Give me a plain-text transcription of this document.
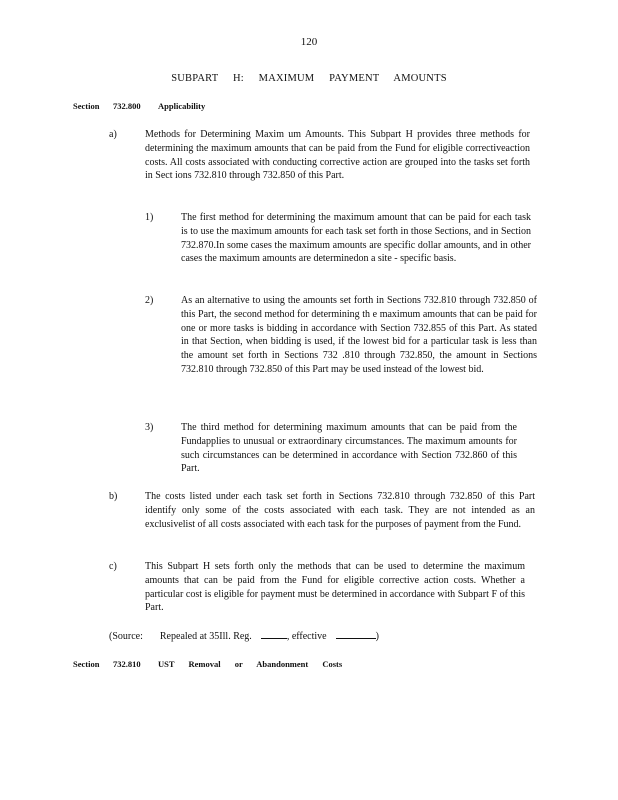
120
SUBPART H: MAXIMUM PAYMENT AMOUNTS
Section 732.800 Applicability
a)	Methods for Determining Maxim um Amounts. This Subpart H provides three methods for determining the maximum amounts that can be paid from the Fund for eligible correctiveaction costs. All costs associated with conducting corrective action are grouped into the tasks set forth in Sect ions 732.810 through 732.850 of this Part.
1)	The first method for determining the maximum amount that can be paid for each task is to use the maximum amounts for each task set forth in those Sections, and in Section 732.870.In some cases the maximum amounts are specific dollar amounts, and in other cases the maximum amounts are determinedon a site - specific basis.
2)	As an alternative to using the amounts set forth in Sections 732.810 through 732.850 of this Part, the second method for determining th e maximum amounts that can be paid for one or more tasks is bidding in accordance with Section 732.855 of this Part. As stated in that Section, when bidding is used, if the lowest bid for a particular task is less than the amount set forth in Sections 732 .810 through 732.850, the amount in Sections 732.810 through 732.850 of this Part may be used instead of the lowest bid.
3)	The third method for determining maximum amounts that can be paid from the Fundapplies to unusual or extraordinary circumstances. The maximum amounts for such circumstances can be determined in accordance with Section 732.860 of this Part.
b)	The costs listed under each task set forth in Sections 732.810 through 732.850 of this Part identify only some of the costs associated with each task. They are not intended as an exclusivelist of all costs associated with each task for the purposes of payment from the Fund.
c)	This Subpart H sets forth only the methods that can be used to determine the maximum amounts that can be paid from the Fund for eligible corrective action costs. Whether a particular cost is eligible for payment must be determined in accordance with Subpart F of this Part.
(Source: Repealed at 35Ill. Reg.	, effective	)
Section 732.810 UST Removal or Abandonment Costs
